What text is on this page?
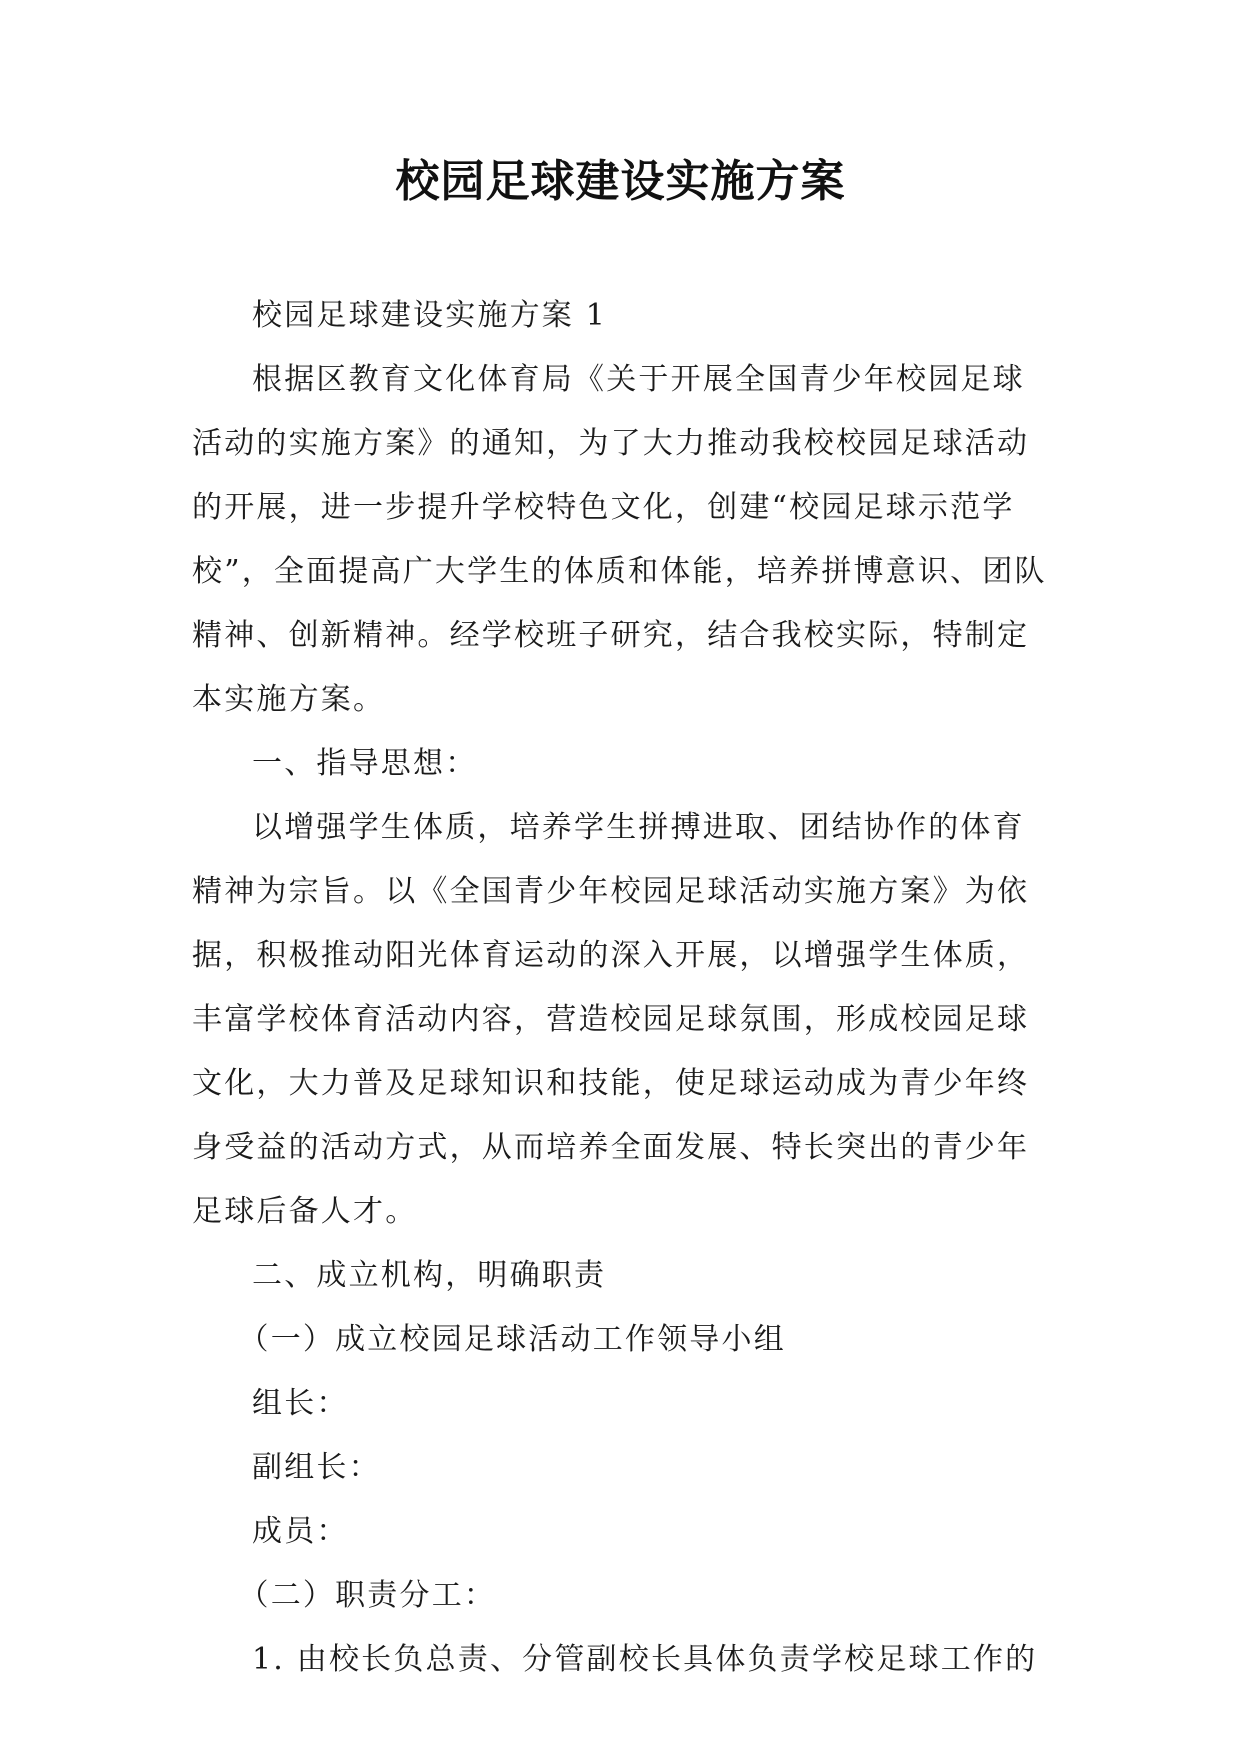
校园足球建设实施方案

校园足球建设实施方案 1

根据区教育文化体育局《关于开展全国青少年校园足球活动的实施方案》的通知，为了大力推动我校校园足球活动的开展，进一步提升学校特色文化，创建“校园足球示范学校”，全面提高广大学生的体质和体能，培养拼博意识、团队精神、创新精神。经学校班子研究，结合我校实际，特制定本实施方案。

一、指导思想：

以增强学生体质，培养学生拼搏进取、团结协作的体育精神为宗旨。以《全国青少年校园足球活动实施方案》为依据，积极推动阳光体育运动的深入开展，以增强学生体质，丰富学校体育活动内容，营造校园足球氛围，形成校园足球文化，大力普及足球知识和技能，使足球运动成为青少年终身受益的活动方式，从而培养全面发展、特长突出的青少年足球后备人才。

二、成立机构，明确职责

（一）成立校园足球活动工作领导小组

组长：

副组长：

成员：

（二）职责分工：

1. 由校长负总责、分管副校长具体负责学校足球工作的
